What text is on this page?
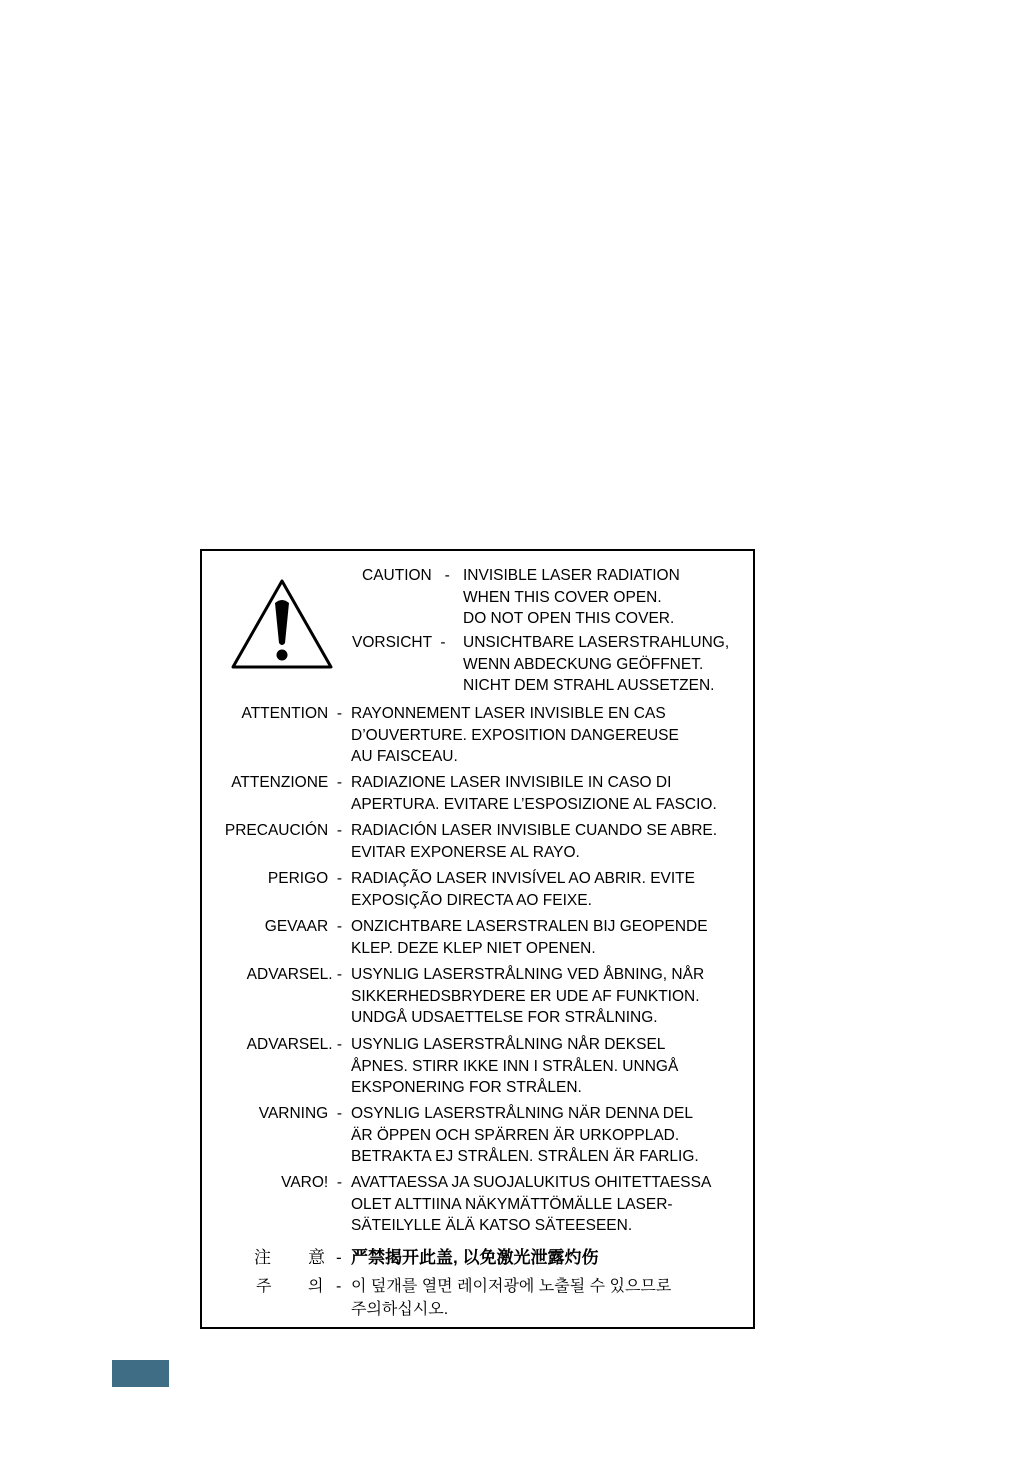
CAUTION   - INVISIBLE LASER RADIATION
WHEN THIS COVER OPEN.
DO NOT OPEN THIS COVER.
VORSICHT  -	UNSICHTBARE LASERSTRAHLUNG,
WENN ABDECKUNG GEÖFFNET.
NICHT DEM STRAHL AUSSETZEN.
ATTENTION  - RAYONNEMENT LASER INVISIBLE EN CAS
D’OUVERTURE. EXPOSITION DANGEREUSE
AU FAISCEAU.
ATTENZIONE  - RADIAZIONE LASER INVISIBILE IN CASO DI
APERTURA. EVITARE L’ESPOSIZIONE AL FASCIO.
PRECAUCIÓN  - RADIACIÓN LASER INVISIBLE CUANDO SE ABRE.
EVITAR EXPONERSE AL RAYO.
PERIGO  - RADIAÇÃO LASER INVISÍVEL AO ABRIR. EVITE
EXPOSIÇÃO DIRECTA AO FEIXE.
GEVAAR  - ONZICHTBARE LASERSTRALEN BIJ GEOPENDE
KLEP. DEZE KLEP NIET OPENEN.
ADVARSEL. - USYNLIG LASERSTRÅLNING VED ÅBNING, NÅR
SIKKERHEDSBRYDERE ER UDE AF FUNKTION.
UNDGÅ UDSAETTELSE FOR STRÅLNING.
ADVARSEL. - USYNLIG LASERSTRÅLNING NÅR DEKSEL
ÅPNES. STIRR IKKE INN I STRÅLEN. UNNGÅ
EKSPONERING FOR STRÅLEN.
VARNING  - OSYNLIG LASERSTRÅLNING NÄR DENNA DEL
ÄR ÖPPEN OCH SPÄRREN ÄR URKOPPLAD.
BETRAKTA EJ STRÅLEN. STRÅLEN ÄR FARLIG.
VARO!  - AVATTAESSA JA SUOJALUKITUS OHITETTAESSA
OLET ALTTIINA NÄKYMÄTTÖMÄLLE LASER-
SÄTEILYLLE ÄLÄ KATSO SÄTEESEEN.
注 意 - 严禁揭开此盖, 以免激光泄露灼伤
주 의 - 이 덮개를 열면 레이저광에 노출될 수 있으므로
주의하십시오.
